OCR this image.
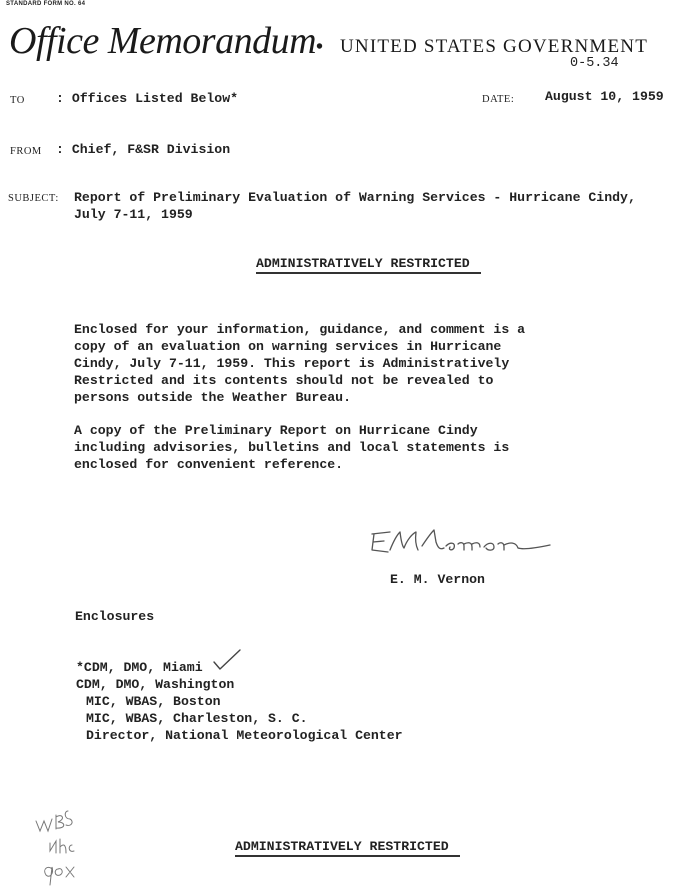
STANDARD FORM NO. 64
Office Memorandum • UNITED STATES GOVERNMENT
0-5.34
TO : Offices Listed Below*	DATE: August 10, 1959
FROM : Chief, F&SR Division
SUBJECT: Report of Preliminary Evaluation of Warning Services - Hurricane Cindy,
July 7-11, 1959
ADMINISTRATIVELY RESTRICTED
Enclosed for your information, guidance, and comment is a
copy of an evaluation on warning services in Hurricane
Cindy, July 7-11, 1959. This report is Administratively
Restricted and its contents should not be revealed to
persons outside the Weather Bureau.
A copy of the Preliminary Report on Hurricane Cindy
including advisories, bulletins and local statements is
enclosed for convenient reference.
E. M. Vernon
Enclosures
*CDM, DMO, Miami
CDM, DMO, Washington
MIC, WBAS, Boston
MIC, WBAS, Charleston, S. C.
Director, National Meteorological Center
ADMINISTRATIVELY RESTRICTED
